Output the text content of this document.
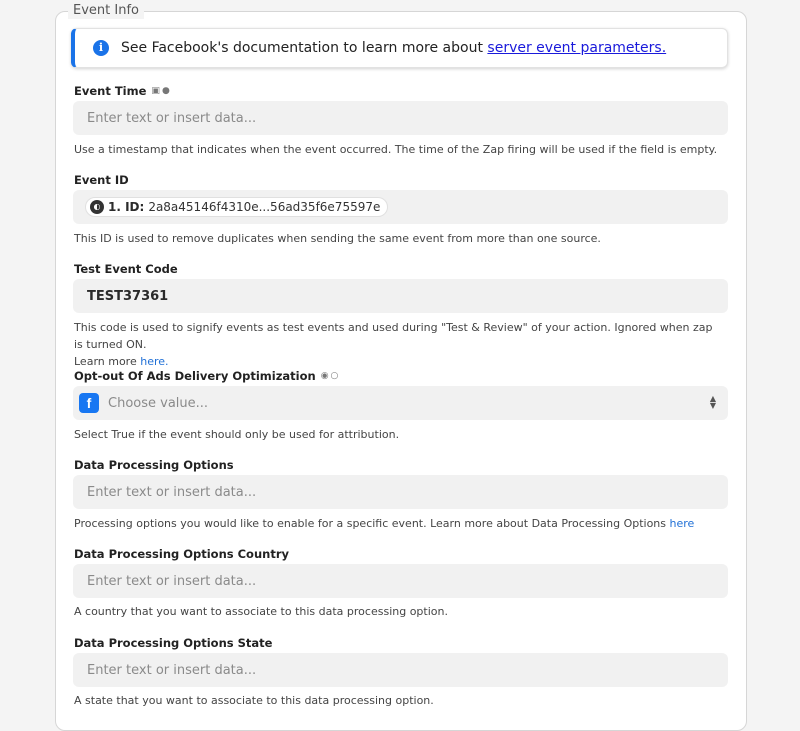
Event Info
i	See Facebook's documentation to learn more about server event parameters.
Event Time ▣ ●
Enter text or insert data...
Use a timestamp that indicates when the event occurred. The time of the Zap firing will be used if the field is empty.
Event ID
◐ 1. ID: 2a8a45146f4310e...56ad35f6e75597e
This ID is used to remove duplicates when sending the same event from more than one source.
Test Event Code
TEST37361
This code is used to signify events as test events and used during "Test & Review" of your action. Ignored when zap is turned ON.
Learn more here.
Opt-out Of Ads Delivery Optimization ◉ ○
f	Choose value...	▲
▼
Select True if the event should only be used for attribution.
Data Processing Options
Enter text or insert data...
Processing options you would like to enable for a specific event. Learn more about Data Processing Options here
Data Processing Options Country
Enter text or insert data...
A country that you want to associate to this data processing option.
Data Processing Options State
Enter text or insert data...
A state that you want to associate to this data processing option.
